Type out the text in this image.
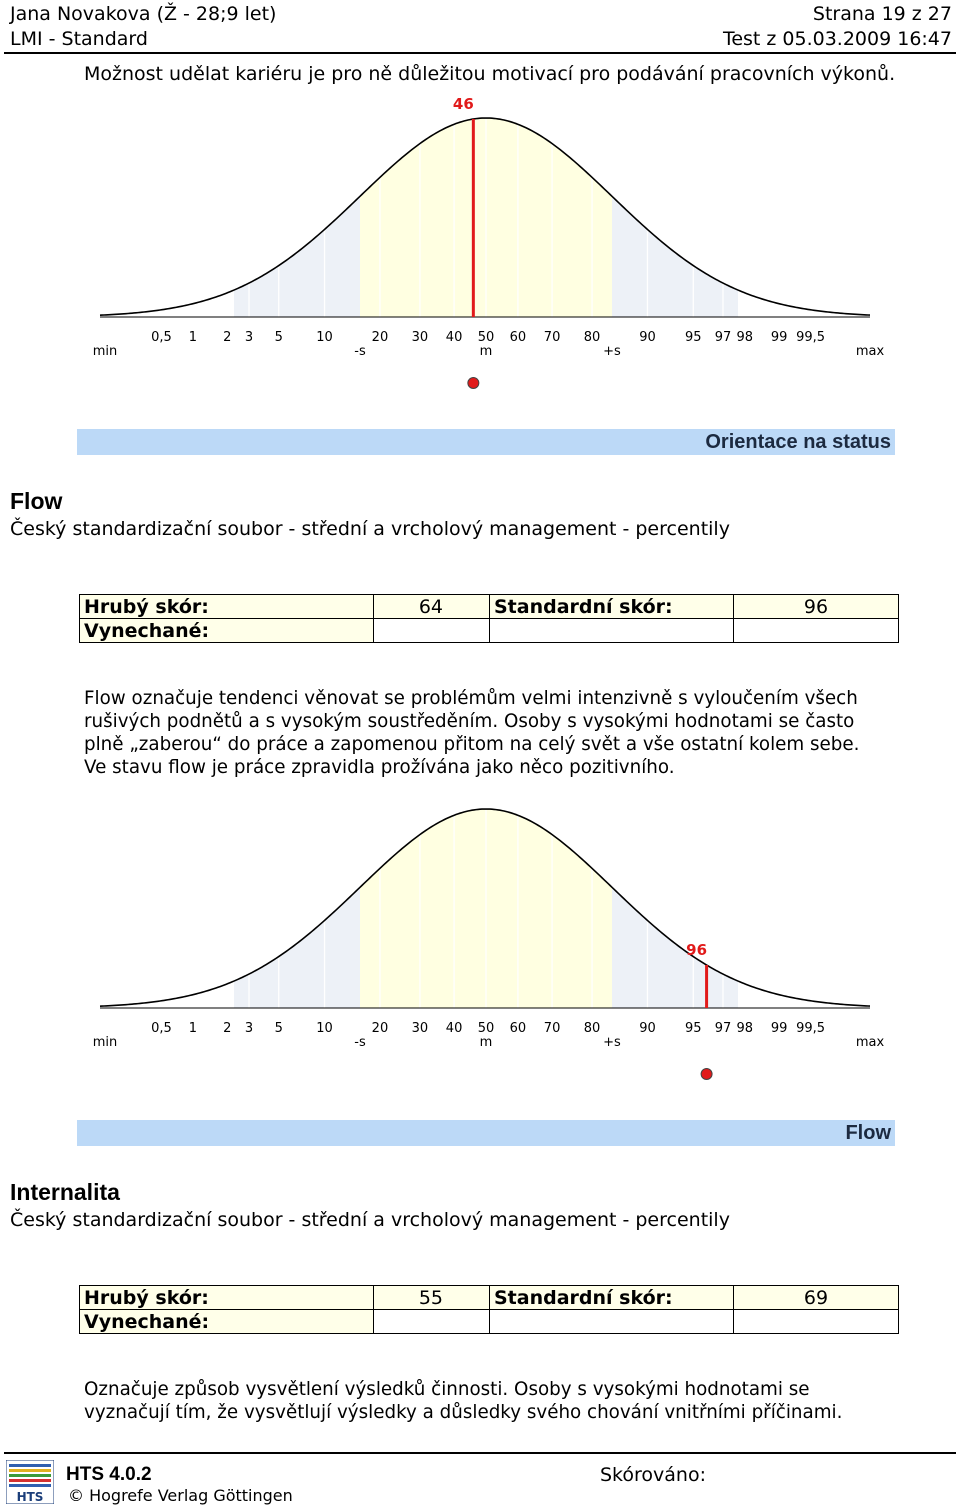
Jana Novakova (Ž - 28;9 let)	Strana 19 z 27
LMI - Standard	Test z 05.03.2009 16:47
Možnost udělat kariéru je pro ně důležitou motivací pro podávání pracovních výkonů.
0,5 1 2 3 5	10	20 30 40 50 60 70 80	90 95 97 98 99 99,5
min	-s	m	+s	max
46
Orientace na status
Flow
Český standardizační soubor - střední a vrcholový management - percentily
Hrubý skór:	64	Standardní skór:	96
Vynechané:			
Flow označuje tendenci věnovat se problémům velmi intenzivně s vyloučením všech
rušivých podnětů a s vysokým soustředěním. Osoby s vysokými hodnotami se často
plně „zaberou“ do práce a zapomenou přitom na celý svět a vše ostatní kolem sebe.
Ve stavu flow je práce zpravidla prožívána jako něco pozitivního.
0,5 1 2 3 5	10	20 30 40 50 60 70 80	90 95 97 98 99 99,5
min	-s	m	+s	max
96
Flow
Internalita
Český standardizační soubor - střední a vrcholový management - percentily
Hrubý skór:	55	Standardní skór:	69
Vynechané:			
Označuje způsob vysvětlení výsledků činnosti. Osoby s vysokými hodnotami se
vyznačují tím, že vysvětlují výsledky a důsledky svého chování vnitřními příčinami.
HTS
HTS 4.0.2
© Hogrefe Verlag Göttingen
Skórováno:
